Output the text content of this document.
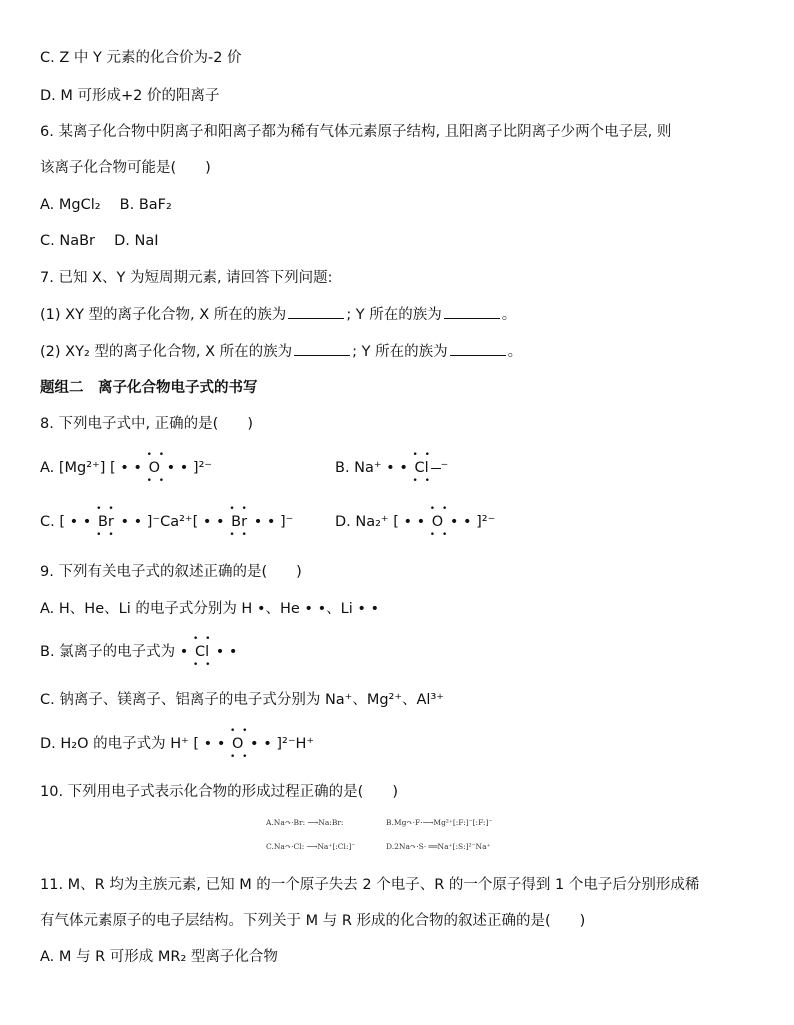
C. Z 中 Y 元素的化合价为-2 价
D. M 可形成+2 价的阳离子
6. 某离子化合物中阴离子和阳离子都为稀有气体元素原子结构, 且阳离子比阴离子少两个电子层, 则
该离子化合物可能是(　　)
A. MgCl₂　 B. BaF₂
C. NaBr　 D. NaI
7. 已知 X、Y 为短周期元素, 请回答下列问题:
(1) XY 型的离子化合物, X 所在的族为	; Y 所在的族为	。
(2) XY₂ 型的离子化合物, X 所在的族为	; Y 所在的族为	。
题组二　离子化合物电子式的书写
8. 下列电子式中, 正确的是(　　)
A. [Mg²⁺] [ • •
• •
O
• •
• • ]²⁻	B. Na⁺ • •
• •
Cl
• •
⁻
C. [ • •
• •
Br
• •
• • ]⁻Ca²⁺[ • •
• •
Br
• •
• • ]⁻	D. Na₂⁺ [ • •
• •
O
• •
• • ]²⁻
9. 下列有关电子式的叙述正确的是(　　)
A. H、He、Li 的电子式分别为 H •、He • •、Li • •
B. 氯离子的电子式为 •
• •
Cl
• •
• •
C. 钠离子、镁离子、铝离子的电子式分别为 Na⁺、Mg²⁺、Al³⁺
D. H₂O 的电子式为 H⁺ [ • •
• •
O
• •
• • ]²⁻H⁺
10. 下列用电子式表示化合物的形成过程正确的是(　　)
A.Na↷·Br: ⟶Na:Br:	B.Mg↷·F·⟶Mg²⁺[:F:]⁻[:F:]⁻
C.Na↷·Cl: ⟶Na⁺[:Cl:]⁻	D.2Na↷·S· ══Na⁺[:S:]²⁻Na⁺
11. M、R 均为主族元素, 已知 M 的一个原子失去 2 个电子、R 的一个原子得到 1 个电子后分别形成稀
有气体元素原子的电子层结构。下列关于 M 与 R 形成的化合物的叙述正确的是(　　)
A. M 与 R 可形成 MR₂ 型离子化合物
